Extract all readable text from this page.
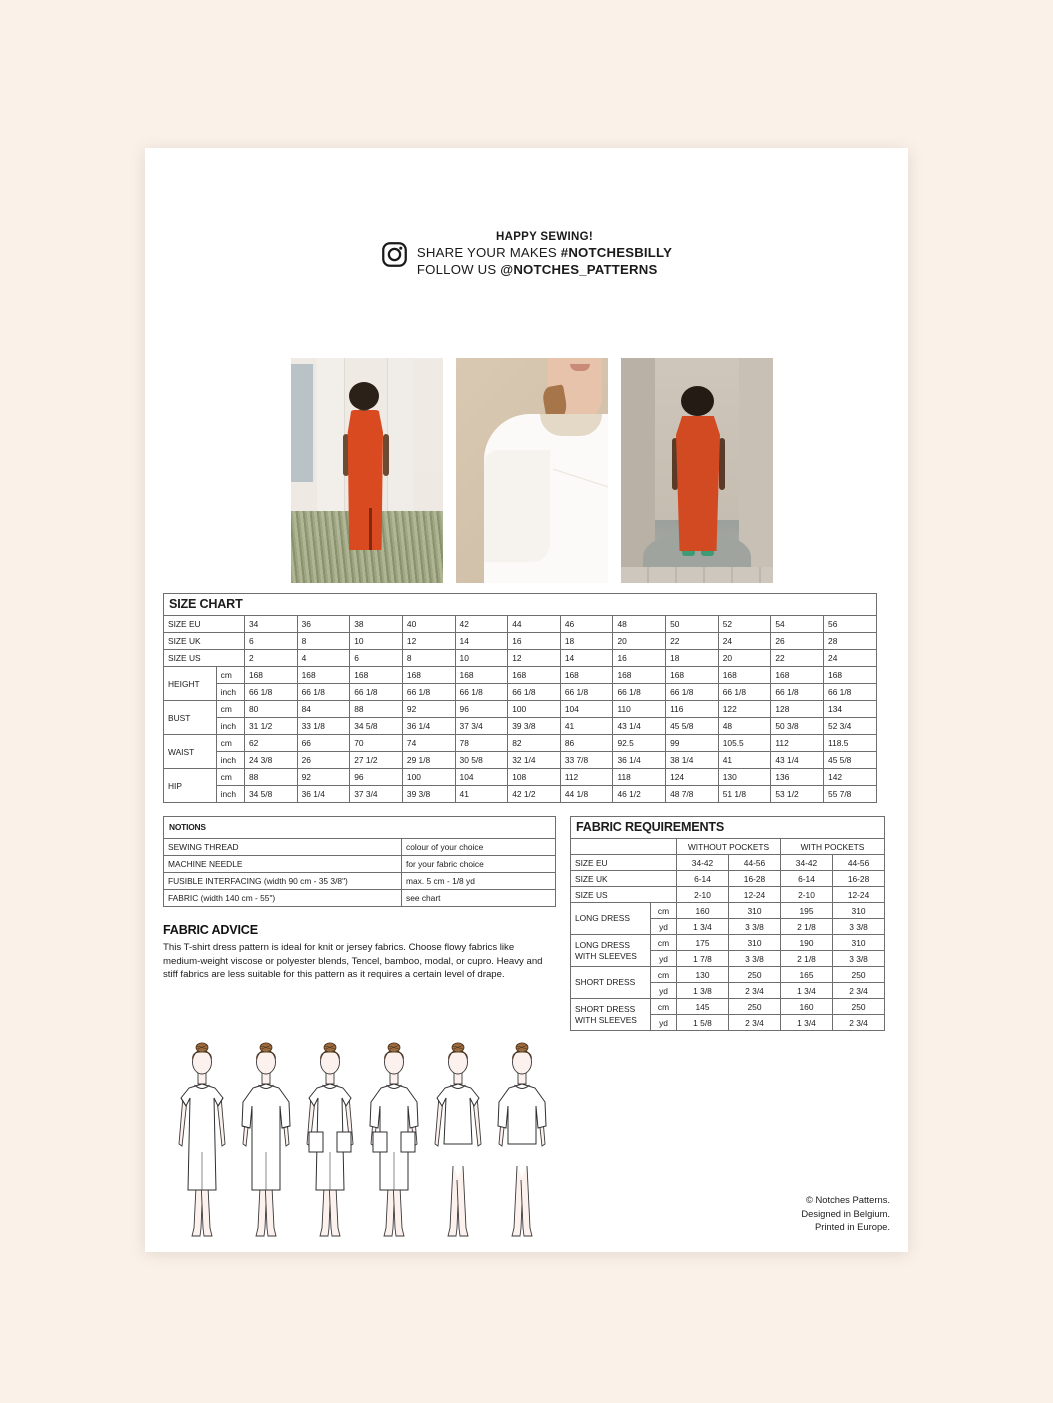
HAPPY SEWING!
SHARE YOUR MAKES #NOTCHESBILLY
FOLLOW US @NOTCHES_PATTERNS
SIZE CHART													
SIZE EU		34	36	38	40	42	44	46	48	50	52	54	56
SIZE UK		6	8	10	12	14	16	18	20	22	24	26	28
SIZE US		2	4	6	8	10	12	14	16	18	20	22	24
HEIGHT	cm	168	168	168	168	168	168	168	168	168	168	168	168
	inch	66 1/8	66 1/8	66 1/8	66 1/8	66 1/8	66 1/8	66 1/8	66 1/8	66 1/8	66 1/8	66 1/8	66 1/8
BUST	cm	80	84	88	92	96	100	104	110	116	122	128	134
	inch	31 1/2	33 1/8	34 5/8	36 1/4	37 3/4	39 3/8	41	43 1/4	45 5/8	48	50 3/8	52 3/4
WAIST	cm	62	66	70	74	78	82	86	92.5	99	105.5	112	118.5
	inch	24 3/8	26	27 1/2	29 1/8	30 5/8	32 1/4	33 7/8	36 1/4	38 1/4	41	43 1/4	45 5/8
HIP	cm	88	92	96	100	104	108	112	118	124	130	136	142
	inch	34 5/8	36 1/4	37 3/4	39 3/8	41	42 1/2	44 1/8	46 1/2	48 7/8	51 1/8	53 1/2	55 7/8
NOTIONS	
SEWING THREAD	colour of your choice
MACHINE NEEDLE	for your fabric choice
FUSIBLE INTERFACING (width 90 cm - 35 3/8")	max. 5 cm - 1/8 yd
FABRIC (width 140 cm - 55")	see chart
FABRIC ADVICE

This T-shirt dress pattern is ideal for knit or jersey fabrics. Choose flowy fabrics like medium-weight viscose or polyester blends, Tencel, bamboo, modal, or cupro. Heavy and stiff fabrics are less suitable for this pattern as it requires a certain level of drape.

FABRIC REQUIREMENTS					
		WITHOUT POCKETS		WITH POCKETS	
SIZE EU		34-42	44-56	34-42	44-56
SIZE UK		6-14	16-28	6-14	16-28
SIZE US		2-10	12-24	2-10	12-24
LONG DRESS	cm	160	310	195	310
	yd	1 3/4	3 3/8	2 1/8	3 3/8
LONG DRESS WITH SLEEVES	cm	175	310	190	310
	yd	1 7/8	3 3/8	2 1/8	3 3/8
SHORT DRESS	cm	130	250	165	250
	yd	1 3/8	2 3/4	1 3/4	2 3/4
SHORT DRESS WITH SLEEVES	cm	145	250	160	250
	yd	1 5/8	2 3/4	1 3/4	2 3/4
© Notches Patterns.
Designed in Belgium.
Printed in Europe.
